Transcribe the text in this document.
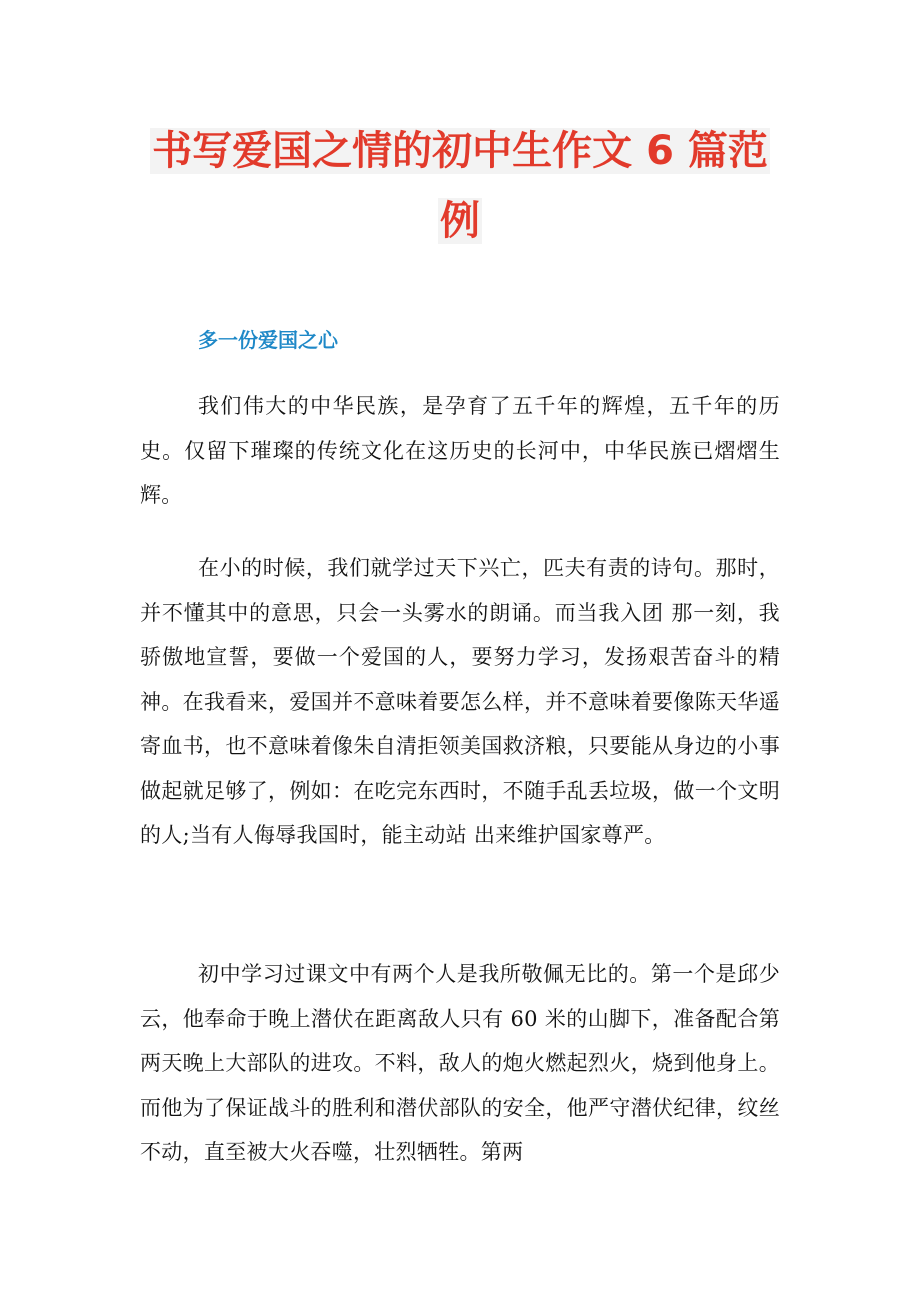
书写爱国之情的初中生作文 6 篇范
例
多一份爱国之心

我们伟大的中华民族，是孕育了五千年的辉煌，五千年的历史。仅留下璀璨的传统文化在这历史的长河中，中华民族已熠熠生辉。

在小的时候，我们就学过天下兴亡，匹夫有责的诗句。那时，并不懂其中的意思，只会一头雾水的朗诵。而当我入团 那一刻，我骄傲地宣誓，要做一个爱国的人，要努力学习，发扬艰苦奋斗的精神。在我看来，爱国并不意味着要怎么样，并不意味着要像陈天华遥寄血书，也不意味着像朱自清拒领美国救济粮，只要能从身边的小事做起就足够了，例如：在吃完东西时，不随手乱丢垃圾，做一个文明的人;当有人侮辱我国时，能主动站 出来维护国家尊严。

初中学习过课文中有两个人是我所敬佩无比的。第一个是邱少云，他奉命于晚上潜伏在距离敌人只有 60 米的山脚下，准备配合第两天晚上大部队的进攻。不料，敌人的炮火燃起烈火，烧到他身上。而他为了保证战斗的胜利和潜伏部队的安全，他严守潜伏纪律，纹丝不动，直至被大火吞噬，壮烈牺牲。第两
